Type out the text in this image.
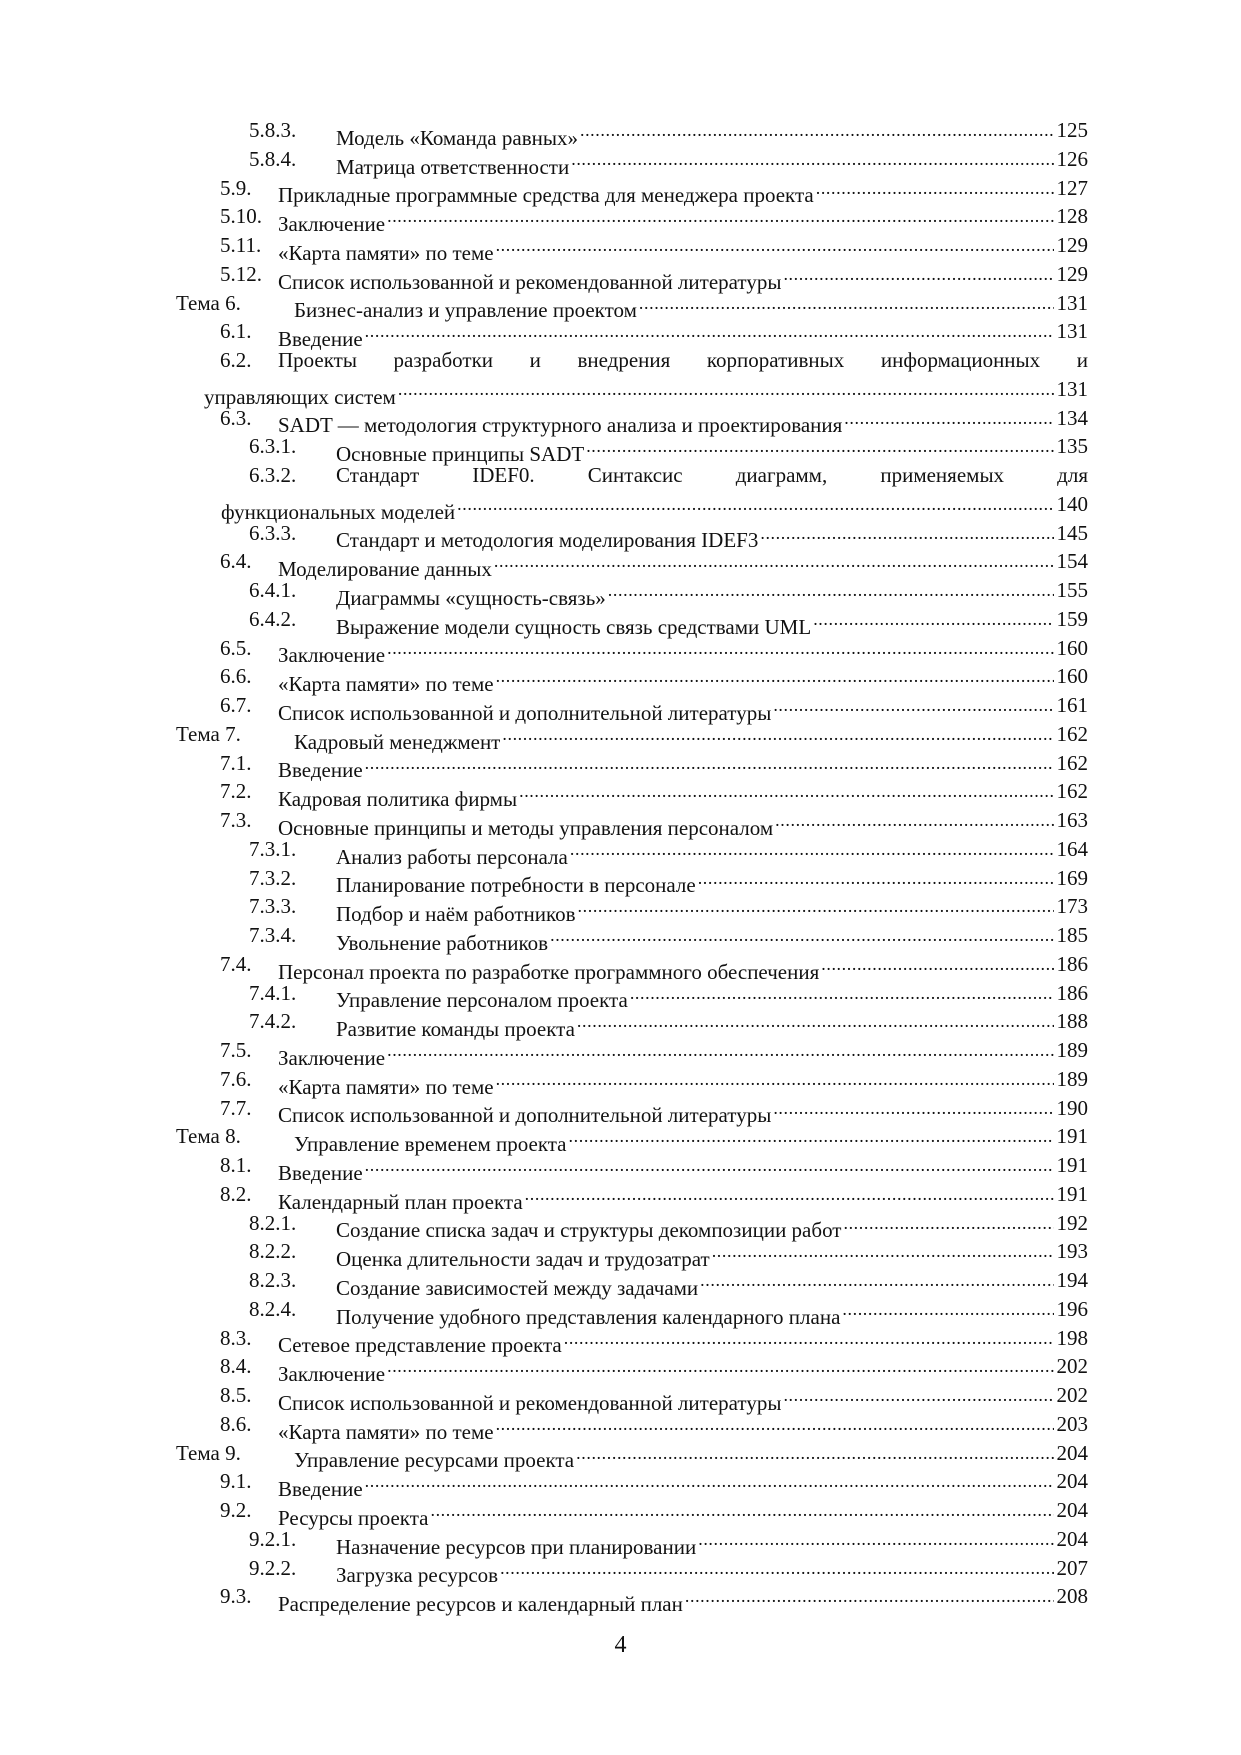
5.8.3. Модель «Команда равных» .....	125
5.8.4. Матрица ответственности .....	126
5.9. Прикладные программные средства для менеджера проекта .....	127
5.10. Заключение .....	128
5.11. «Карта памяти» по теме .....	129
5.12. Список использованной и рекомендованной литературы .....	129
Тема 6.	Бизнес-анализ и управление проектом .....	131
6.1. Введение .....	131
6.2. Проекты разработки и внедрения корпоративных информационных и
управляющих систем .....	131
6.3. SADT — методология структурного анализа и проектирования .....	134
6.3.1. Основные принципы SADT .....	135
6.3.2. Стандарт IDEF0. Синтаксис диаграмм, применяемых для
функциональных моделей .....	140
6.3.3. Стандарт и методология моделирования IDEF3 .....	145
6.4. Моделирование данных .....	154
6.4.1. Диаграммы «сущность-связь» .....	155
6.4.2. Выражение модели сущность связь средствами UML .....	159
6.5. Заключение .....	160
6.6. «Карта памяти» по теме .....	160
6.7. Список использованной и дополнительной литературы .....	161
Тема 7.	Кадровый менеджмент .....	162
7.1. Введение .....	162
7.2. Кадровая политика фирмы .....	162
7.3. Основные принципы и методы управления персоналом .....	163
7.3.1. Анализ работы персонала .....	164
7.3.2. Планирование потребности в персонале .....	169
7.3.3. Подбор и наём работников .....	173
7.3.4. Увольнение работников .....	185
7.4. Персонал проекта по разработке программного обеспечения .....	186
7.4.1. Управление персоналом проекта .....	186
7.4.2. Развитие команды проекта .....	188
7.5. Заключение .....	189
7.6. «Карта памяти» по теме .....	189
7.7. Список использованной и дополнительной литературы .....	190
Тема 8.	Управление временем проекта .....	191
8.1. Введение .....	191
8.2. Календарный план проекта .....	191
8.2.1. Создание списка задач и структуры декомпозиции работ .....	192
8.2.2. Оценка длительности задач и трудозатрат .....	193
8.2.3. Создание зависимостей между задачами .....	194
8.2.4. Получение удобного представления календарного плана .....	196
8.3. Сетевое представление проекта .....	198
8.4. Заключение .....	202
8.5. Список использованной и рекомендованной литературы .....	202
8.6. «Карта памяти» по теме .....	203
Тема 9.	Управление ресурсами проекта .....	204
9.1. Введение .....	204
9.2. Ресурсы проекта .....	204
9.2.1. Назначение ресурсов при планировании .....	204
9.2.2. Загрузка ресурсов .....	207
9.3. Распределение ресурсов и календарный план .....	208
4
